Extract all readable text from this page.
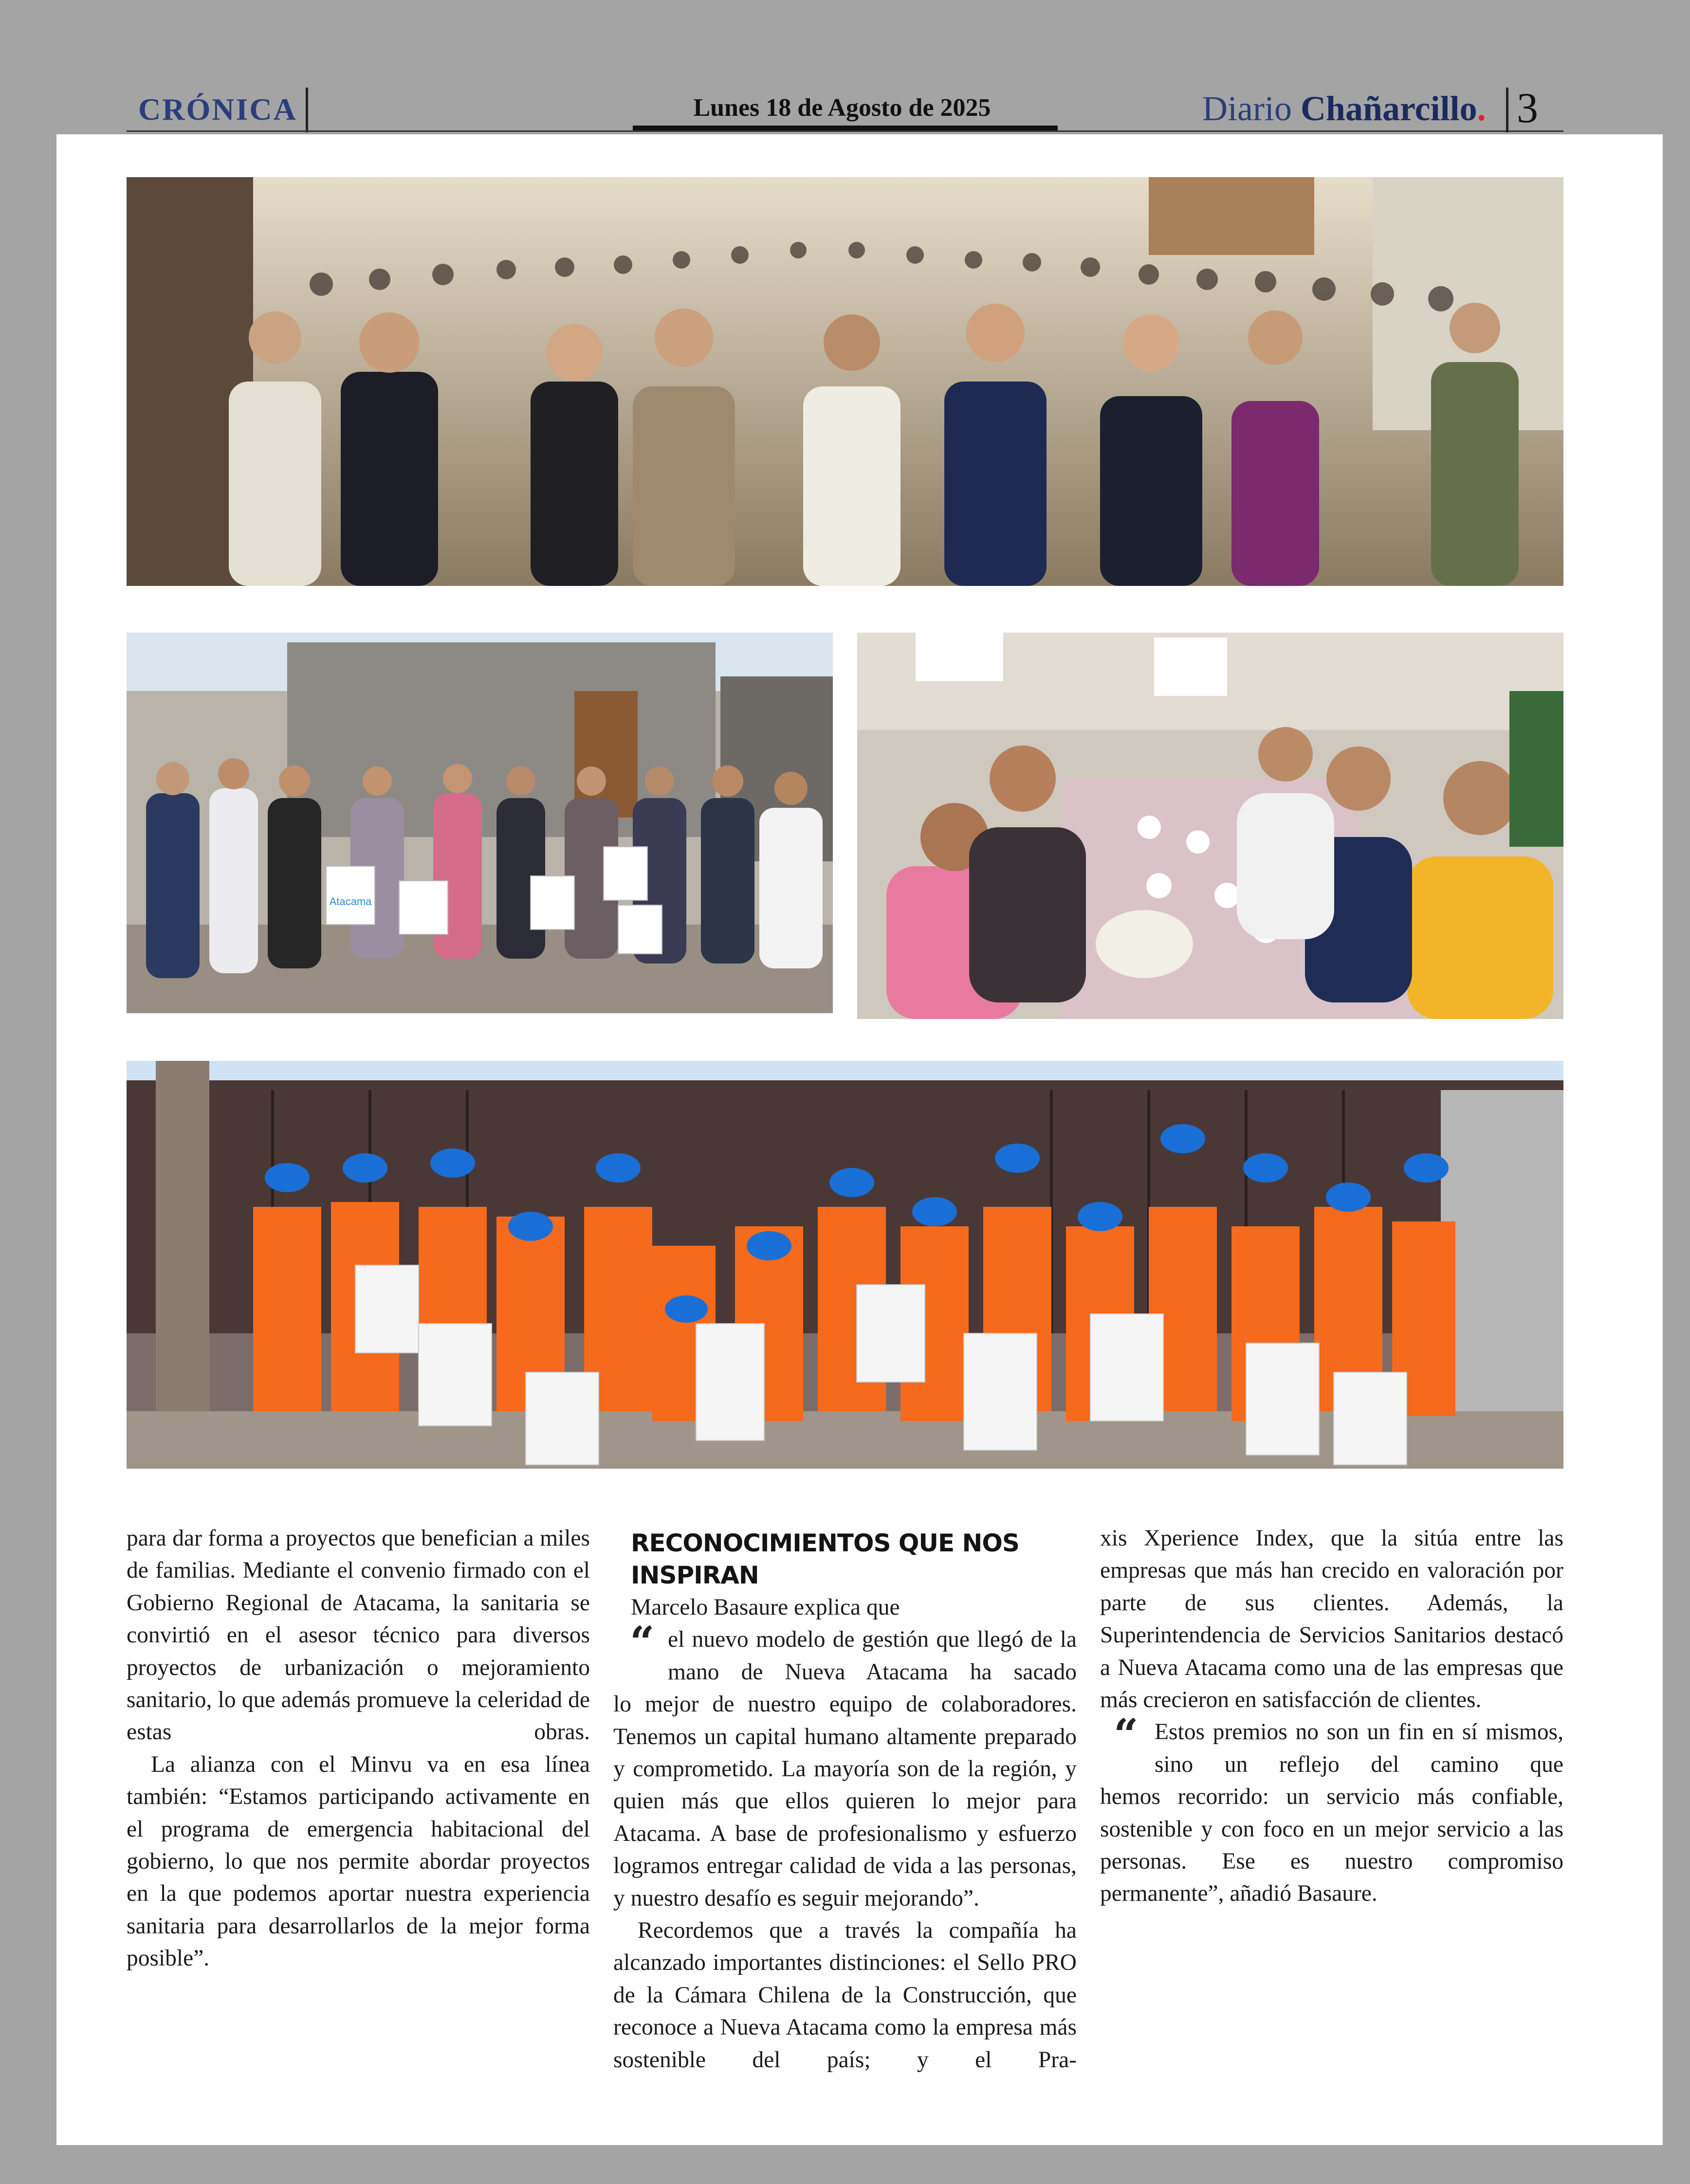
CRÓNICA	Lunes 18 de Agosto de 2025	Diario Chañarcillo. 3
Atacama

para dar forma a proyectos que benefician a miles de familias. Mediante el convenio firmado con el Gobierno Regional de Atacama, la sanitaria se convirtió en el asesor técnico para diversos proyectos de urbanización o mejoramiento sanitario, lo que además promueve la celeridad de estas obras.

La alianza con el Minvu va en esa línea también: “Estamos participando activamente en el programa de emergencia habitacional del gobierno, lo que nos permite abordar proyectos en la que podemos aportar nuestra experiencia sanitaria para desarrollarlos de la mejor forma posible”.

RECONOCIMIENTOS QUE NOS INSPIRAN

Marcelo Basaure explica que

“ el nuevo modelo de gestión que llegó de la mano de Nueva Atacama ha sacado

lo mejor de nuestro equipo de colaboradores. Tenemos un capital humano altamente preparado y comprometido. La mayoría son de la región, y quien más que ellos quieren lo mejor para Atacama. A base de profesionalismo y esfuerzo logramos entregar calidad de vida a las personas, y nuestro desafío es seguir mejorando”.

Recordemos que a través la compañía ha alcanzado importantes distinciones: el Sello PRO de la Cámara Chilena de la Construcción, que reconoce a Nueva Atacama como la empresa más sostenible del país; y el Pra-

xis Xperience Index, que la sitúa entre las empresas que más han crecido en valoración por parte de sus clientes. Además, la Superintendencia de Servicios Sanitarios destacó a Nueva Atacama como una de las empresas que más crecieron en satisfacción de clientes.

“ Estos premios no son un fin en sí mismos, sino un reflejo del camino que

hemos recorrido: un servicio más confiable, sostenible y con foco en un mejor servicio a las personas. Ese es nuestro compromiso permanente”, añadió Basaure.
